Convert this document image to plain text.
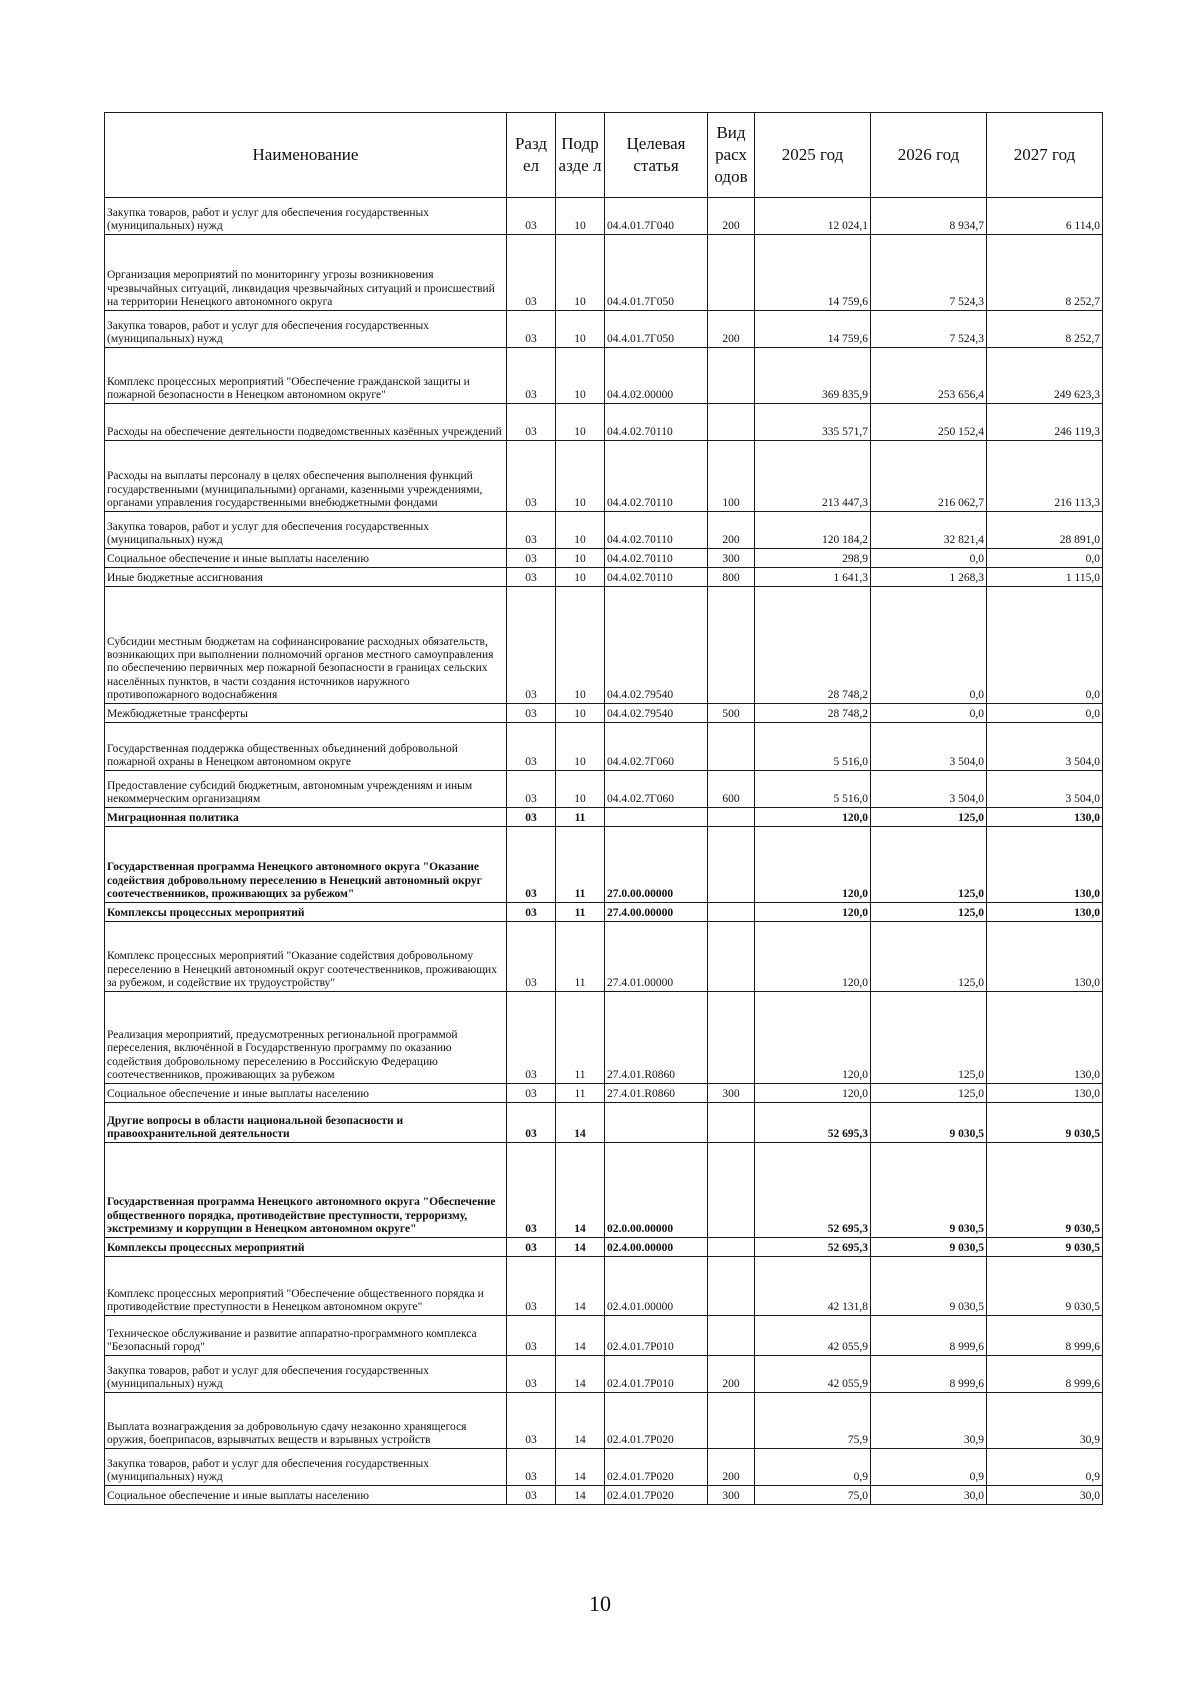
Наименование	Разд ел	Подр азде л	Целевая статья	Вид расх одов	2025 год	2026 год	2027 год
Закупка товаров, работ и услуг для обеспечения государственных (муниципальных) нужд	03	10	04.4.01.7Г040	200	12 024,1	8 934,7	6 114,0
Организация мероприятий по мониторингу угрозы возникновения чрезвычайных ситуаций, ликвидация чрезвычайных ситуаций и происшествий на территории Ненецкого автономного округа	03	10	04.4.01.7Г050		14 759,6	7 524,3	8 252,7
Закупка товаров, работ и услуг для обеспечения государственных (муниципальных) нужд	03	10	04.4.01.7Г050	200	14 759,6	7 524,3	8 252,7
Комплекс процессных мероприятий "Обеспечение гражданской защиты и пожарной безопасности в Ненецком автономном округе"	03	10	04.4.02.00000		369 835,9	253 656,4	249 623,3
Расходы на обеспечение деятельности подведомственных казённых учреждений	03	10	04.4.02.70110		335 571,7	250 152,4	246 119,3
Расходы на выплаты персоналу в целях обеспечения выполнения функций государственными (муниципальными) органами, казенными учреждениями, органами управления государственными внебюджетными фондами	03	10	04.4.02.70110	100	213 447,3	216 062,7	216 113,3
Закупка товаров, работ и услуг для обеспечения государственных (муниципальных) нужд	03	10	04.4.02.70110	200	120 184,2	32 821,4	28 891,0
Социальное обеспечение и иные выплаты населению	03	10	04.4.02.70110	300	298,9	0,0	0,0
Иные бюджетные ассигнования	03	10	04.4.02.70110	800	1 641,3	1 268,3	1 115,0
Субсидии местным бюджетам на софинансирование расходных обязательств, возникающих при выполнении полномочий органов местного самоуправления по обеспечению первичных мер пожарной безопасности в границах сельских населённых пунктов, в части создания источников наружного противопожарного водоснабжения	03	10	04.4.02.79540		28 748,2	0,0	0,0
Межбюджетные трансферты	03	10	04.4.02.79540	500	28 748,2	0,0	0,0
Государственная поддержка общественных объединений добровольной пожарной охраны в Ненецком автономном округе	03	10	04.4.02.7Г060		5 516,0	3 504,0	3 504,0
Предоставление субсидий бюджетным, автономным учреждениям и иным некоммерческим организациям	03	10	04.4.02.7Г060	600	5 516,0	3 504,0	3 504,0
Миграционная политика	03	11			120,0	125,0	130,0
Государственная программа Ненецкого автономного округа "Оказание содействия добровольному переселению в Ненецкий автономный округ соотечественников, проживающих за рубежом"	03	11	27.0.00.00000		120,0	125,0	130,0
Комплексы процессных мероприятий	03	11	27.4.00.00000		120,0	125,0	130,0
Комплекс процессных мероприятий "Оказание содействия добровольному переселению в Ненецкий автономный округ соотечественников, проживающих за рубежом, и содействие их трудоустройству"	03	11	27.4.01.00000		120,0	125,0	130,0
Реализация мероприятий, предусмотренных региональной программой переселения, включённой в Государственную программу по оказанию содействия добровольному переселению в Российскую Федерацию соотечественников, проживающих за рубежом	03	11	27.4.01.R0860		120,0	125,0	130,0
Социальное обеспечение и иные выплаты населению	03	11	27.4.01.R0860	300	120,0	125,0	130,0
Другие вопросы в области национальной безопасности и правоохранительной деятельности	03	14			52 695,3	9 030,5	9 030,5
Государственная программа Ненецкого автономного округа "Обеспечение общественного порядка, противодействие преступности, терроризму, экстремизму и коррупции в Ненецком автономном округе"	03	14	02.0.00.00000		52 695,3	9 030,5	9 030,5
Комплексы процессных мероприятий	03	14	02.4.00.00000		52 695,3	9 030,5	9 030,5
Комплекс процессных мероприятий "Обеспечение общественного порядка и противодействие преступности в Ненецком автономном округе"	03	14	02.4.01.00000		42 131,8	9 030,5	9 030,5
Техническое обслуживание и развитие аппаратно-программного комплекса "Безопасный город"	03	14	02.4.01.7Р010		42 055,9	8 999,6	8 999,6
Закупка товаров, работ и услуг для обеспечения государственных (муниципальных) нужд	03	14	02.4.01.7Р010	200	42 055,9	8 999,6	8 999,6
Выплата вознаграждения за добровольную сдачу незаконно хранящегося оружия, боеприпасов, взрывчатых веществ и взрывных устройств	03	14	02.4.01.7Р020		75,9	30,9	30,9
Закупка товаров, работ и услуг для обеспечения государственных (муниципальных) нужд	03	14	02.4.01.7Р020	200	0,9	0,9	0,9
Социальное обеспечение и иные выплаты населению	03	14	02.4.01.7Р020	300	75,0	30,0	30,0
10
